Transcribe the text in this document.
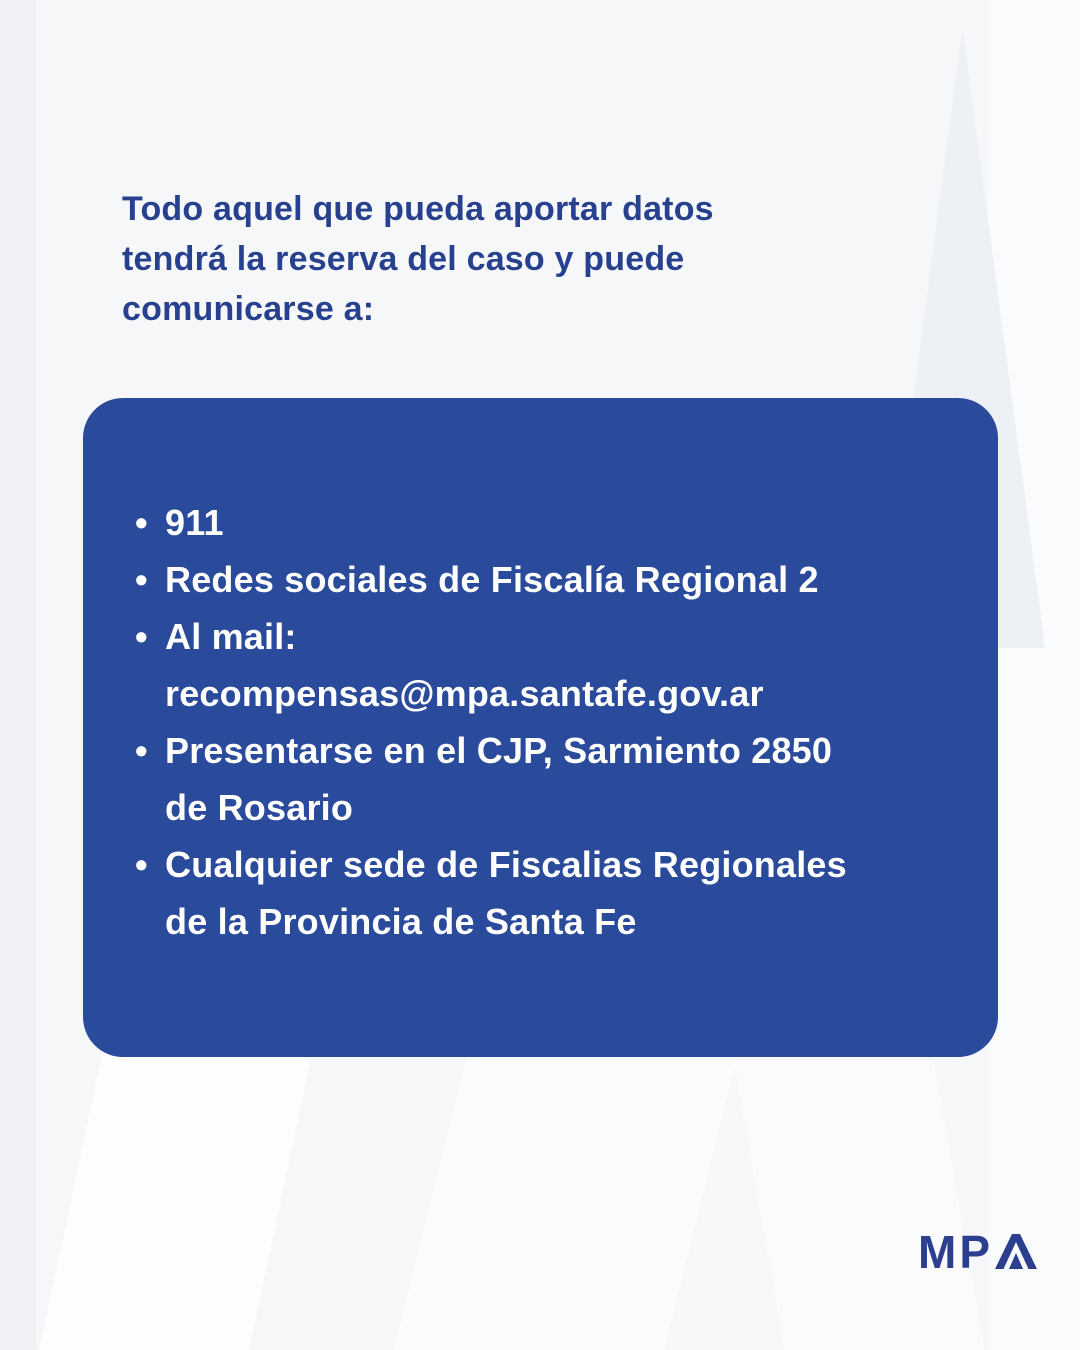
Todo aquel que pueda aportar datos
tendrá la reserva del caso y puede
comunicarse a:
• 911
• Redes sociales de Fiscalía Regional 2
• Al mail:
recompensas@mpa.santafe.gov.ar
• Presentarse en el CJP, Sarmiento 2850
de Rosario
• Cualquier sede de Fiscalias Regionales
de la Provincia de Santa Fe
MP
